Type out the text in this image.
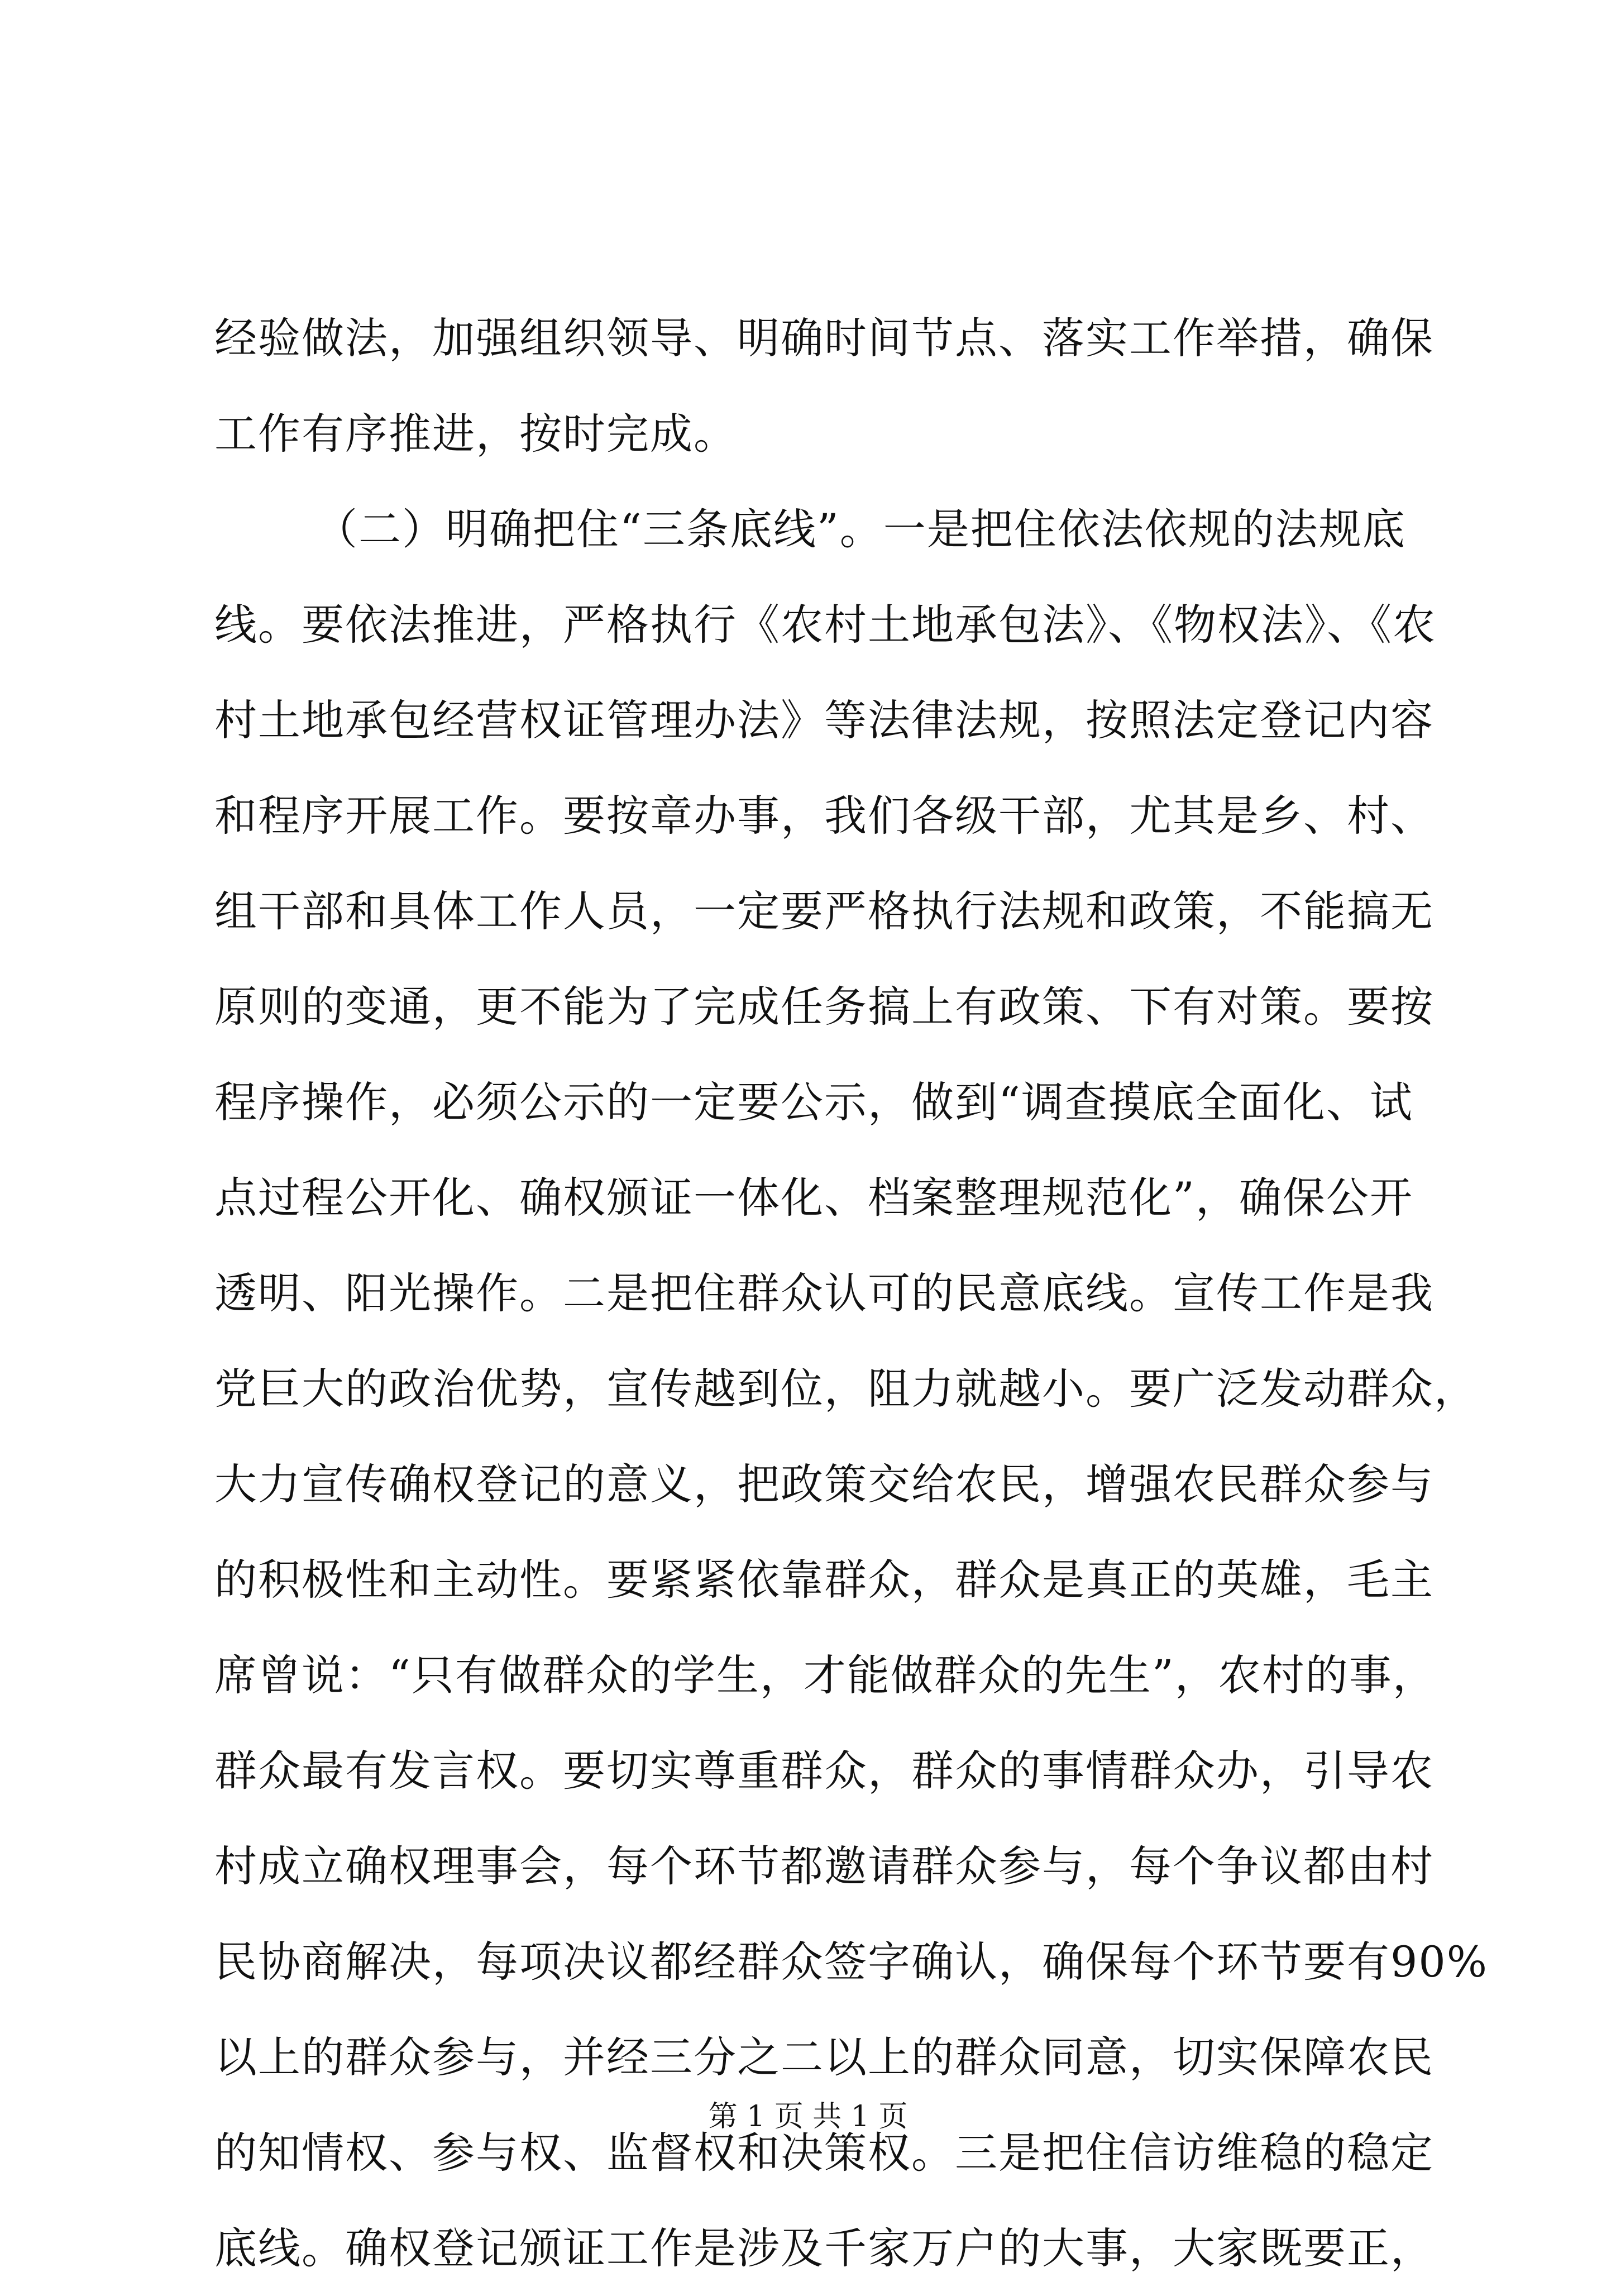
经验做法，加强组织领导、明确时间节点、落实工作举措，确保
工作有序推进，按时完成。
（二）明确把住“三条底线”。一是把住依法依规的法规底
线。要依法推进，严格执行《农村土地承包法》、《物权法》、《农
村土地承包经营权证管理办法》等法律法规，按照法定登记内容
和程序开展工作。要按章办事，我们各级干部，尤其是乡、村、
组干部和具体工作人员，一定要严格执行法规和政策，不能搞无
原则的变通，更不能为了完成任务搞上有政策、下有对策。要按
程序操作，必须公示的一定要公示，做到“调查摸底全面化、试
点过程公开化、确权颁证一体化、档案整理规范化”，确保公开
透明、阳光操作。二是把住群众认可的民意底线。宣传工作是我
党巨大的政治优势，宣传越到位，阻力就越小。要广泛发动群众，
大力宣传确权登记的意义，把政策交给农民，增强农民群众参与
的积极性和主动性。要紧紧依靠群众，群众是真正的英雄，毛主
席曾说：“只有做群众的学生，才能做群众的先生”，农村的事，
群众最有发言权。要切实尊重群众，群众的事情群众办，引导农
村成立确权理事会，每个环节都邀请群众参与，每个争议都由村
民协商解决，每项决议都经群众签字确认，确保每个环节要有90%
以上的群众参与，并经三分之二以上的群众同意，切实保障农民
的知情权、参与权、监督权和决策权。三是把住信访维稳的稳定
底线。确权登记颁证工作是涉及千家万户的大事，大家既要正，
第 1 页 共 1 页
